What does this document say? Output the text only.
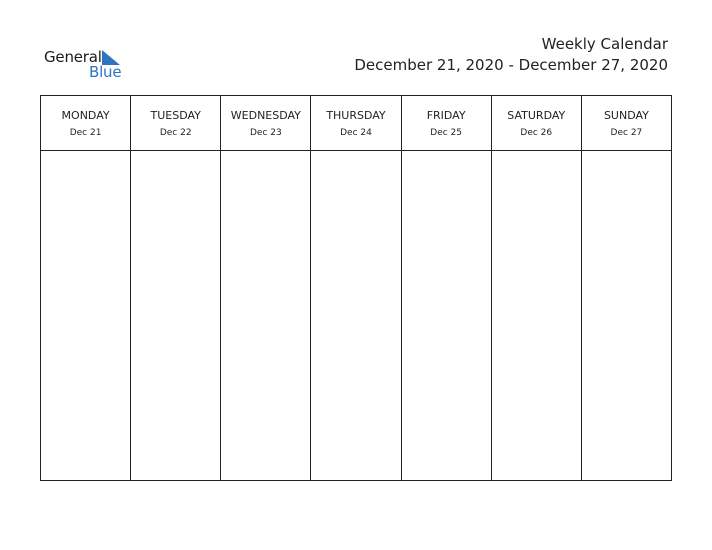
General
Blue
Weekly Calendar
December 21, 2020 - December 27, 2020
MONDAY
Dec 21
TUESDAY
Dec 22
WEDNESDAY
Dec 23
THURSDAY
Dec 24
FRIDAY
Dec 25
SATURDAY
Dec 26
SUNDAY
Dec 27
